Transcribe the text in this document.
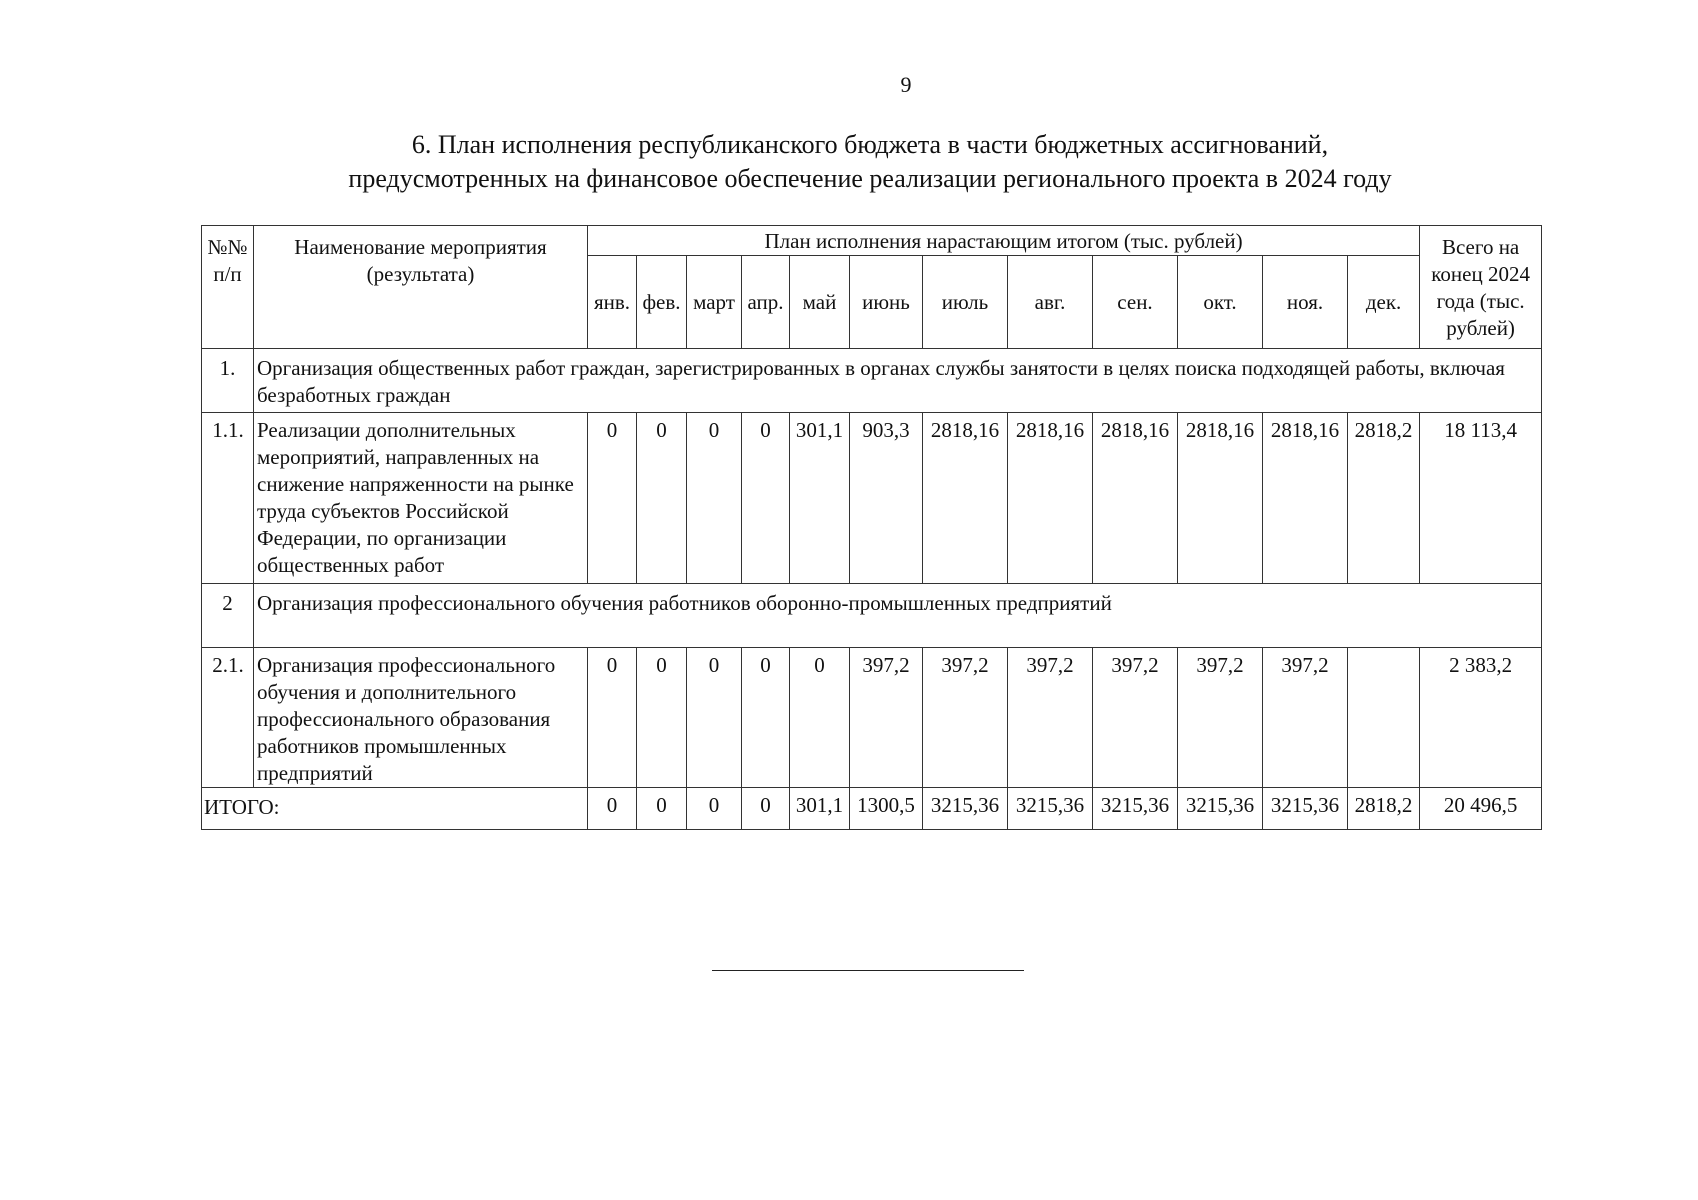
9
6. План исполнения республиканского бюджета в части бюджетных ассигнований,
предусмотренных на финансовое обеспечение реализации регионального проекта в 2024 году
№№ п/п	Наименование мероприятия (результата)	План исполнения нарастающим итогом (тыс. рублей)												Всего на конец 2024 года (тыс. рублей)
		янв.	фев.	март	апр.	май	июнь	июль	авг.	сен.	окт.	ноя.	дек.	
1.	Организация общественных работ граждан, зарегистрированных в органах службы занятости в целях поиска подходящей работы, включая безработных граждан													
1.1.	Реализации дополнительных мероприятий, направленных на снижение напряженности на рынке труда субъектов Российской Федерации, по организации общественных работ	0	0	0	0	301,1	903,3	2818,16	2818,16	2818,16	2818,16	2818,16	2818,2	18 113,4
2	Организация профессионального обучения работников оборонно-промышленных предприятий													
2.1.	Организация профессионального обучения и дополнительного профессионального образования работников промышленных предприятий	0	0	0	0	0	397,2	397,2	397,2	397,2	397,2	397,2		2 383,2
ИТОГО:		0	0	0	0	301,1	1300,5	3215,36	3215,36	3215,36	3215,36	3215,36	2818,2	20 496,5
